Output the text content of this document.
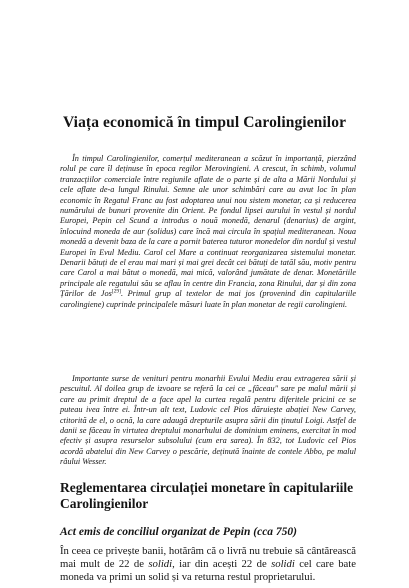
Viața economică în timpul Carolingienilor

În timpul Carolingienilor, comerțul mediteranean a scăzut în importanță, pierzând rolul pe care îl deținuse în epoca regilor Merovingieni. A crescut, în schimb, volumul tranzacțiilor comerciale între regiunile aflate de o parte și de alta a Mării Nordului și cele aflate de-a lungul Rinului. Semne ale unor schimbări care au avut loc în plan economic în Regatul Franc au fost adoptarea unui nou sistem monetar, ca și reducerea numărului de bunuri provenite din Orient. Pe fondul lipsei aurului în vestul și nordul Europei, Pepin cel Scund a introdus o nouă monedă, denarul (denarius) de argint, înlocuind moneda de aur (solidus) care încă mai circula în spațiul mediteranean. Noua monedă a devenit baza de la care a pornit baterea tuturor monedelor din nordul și vestul Europei în Evul Mediu. Carol cel Mare a continuat reorganizarea sistemului monetar. Denarii bătuți de el erau mai mari și mai grei decât cei bătuți de tatăl său, motiv pentru care Carol a mai bătut o monedă, mai mică, valorând jumătate de denar. Monetăriile principale ale regatului său se aflau în centre din Francia, zona Rinului, dar și din zona Țărilor de Jos[29]. Primul grup al textelor de mai jos (provenind din capitulariile carolingiene) cuprinde principalele măsuri luate în plan monetar de regii carolingieni.

Importante surse de venituri pentru monarhii Evului Mediu erau extragerea sării și pescuitul. Al doilea grup de izvoare se referă la cei ce „fâceau" sare pe malul mării și care au primit dreptul de a face apel la curtea regală pentru diferitele pricini ce se puteau ivea între ei. Într-un alt text, Ludovic cel Pios dăruiește abației New Carvey, ctitorită de el, o ocnă, la care adaugă drepturile asupra sării din ținutul Loigi. Astfel de danii se făceau în virtutea dreptului monarhului de dominium eminens, exercitat în mod efectiv și asupra resurselor subsolului (cum era sarea). În 832, tot Ludovic cel Pios acordă abatelui din New Carvey o pescărie, deținută înainte de contele Abbo, pe malul râului Wesser.

Reglementarea circulației monetare în capitulariile Carolingienilor
Act emis de conciliul organizat de Pepin (cca 750)

În ceea ce privește banii, hotărâm că o livră nu trebuie să cântărească mai mult de 22 de solidi, iar din acești 22 de solidi cel care bate moneda va primi un solid și va returna restul proprietarului.
